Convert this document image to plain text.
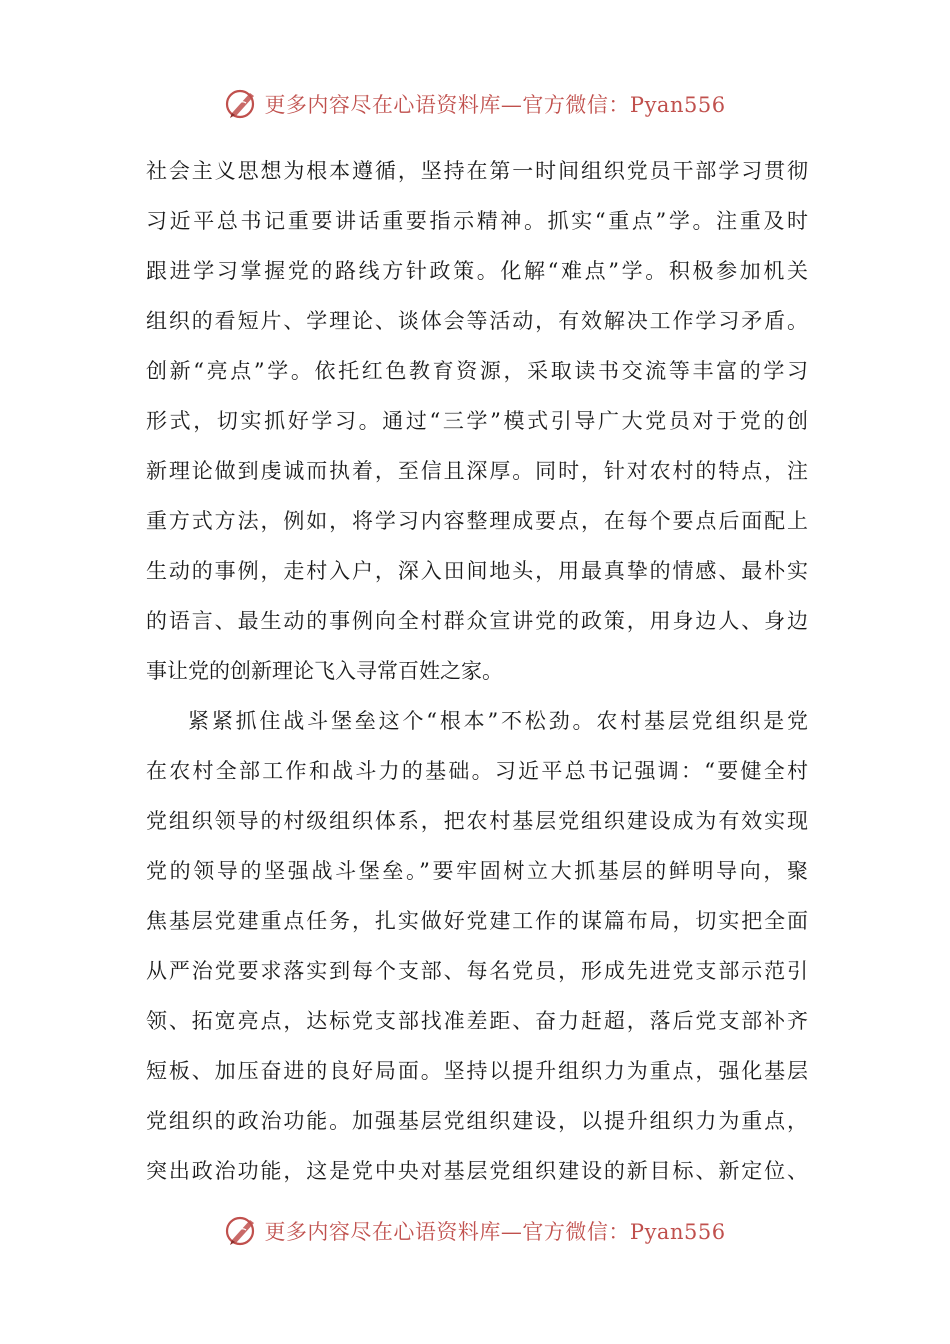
更多内容尽在心语资料库—官方微信：Pyan556
社会主义思想为根本遵循，坚持在第一时间组织党员干部学习贯彻
习近平总书记重要讲话重要指示精神。抓实“重点”学。注重及时
跟进学习掌握党的路线方针政策。化解“难点”学。积极参加机关
组织的看短片、学理论、谈体会等活动，有效解决工作学习矛盾。
创新“亮点”学。依托红色教育资源，采取读书交流等丰富的学习
形式，切实抓好学习。通过“三学”模式引导广大党员对于党的创
新理论做到虔诚而执着，至信且深厚。同时，针对农村的特点，注
重方式方法，例如，将学习内容整理成要点，在每个要点后面配上
生动的事例，走村入户，深入田间地头，用最真挚的情感、最朴实
的语言、最生动的事例向全村群众宣讲党的政策，用身边人、身边
事让党的创新理论飞入寻常百姓之家。
紧紧抓住战斗堡垒这个“根本”不松劲。农村基层党组织是党
在农村全部工作和战斗力的基础。习近平总书记强调：“要健全村
党组织领导的村级组织体系，把农村基层党组织建设成为有效实现
党的领导的坚强战斗堡垒。”要牢固树立大抓基层的鲜明导向，聚
焦基层党建重点任务，扎实做好党建工作的谋篇布局，切实把全面
从严治党要求落实到每个支部、每名党员，形成先进党支部示范引
领、拓宽亮点，达标党支部找准差距、奋力赶超，落后党支部补齐
短板、加压奋进的良好局面。坚持以提升组织力为重点，强化基层
党组织的政治功能。加强基层党组织建设，以提升组织力为重点，
突出政治功能，这是党中央对基层党组织建设的新目标、新定位、
更多内容尽在心语资料库—官方微信：Pyan556
